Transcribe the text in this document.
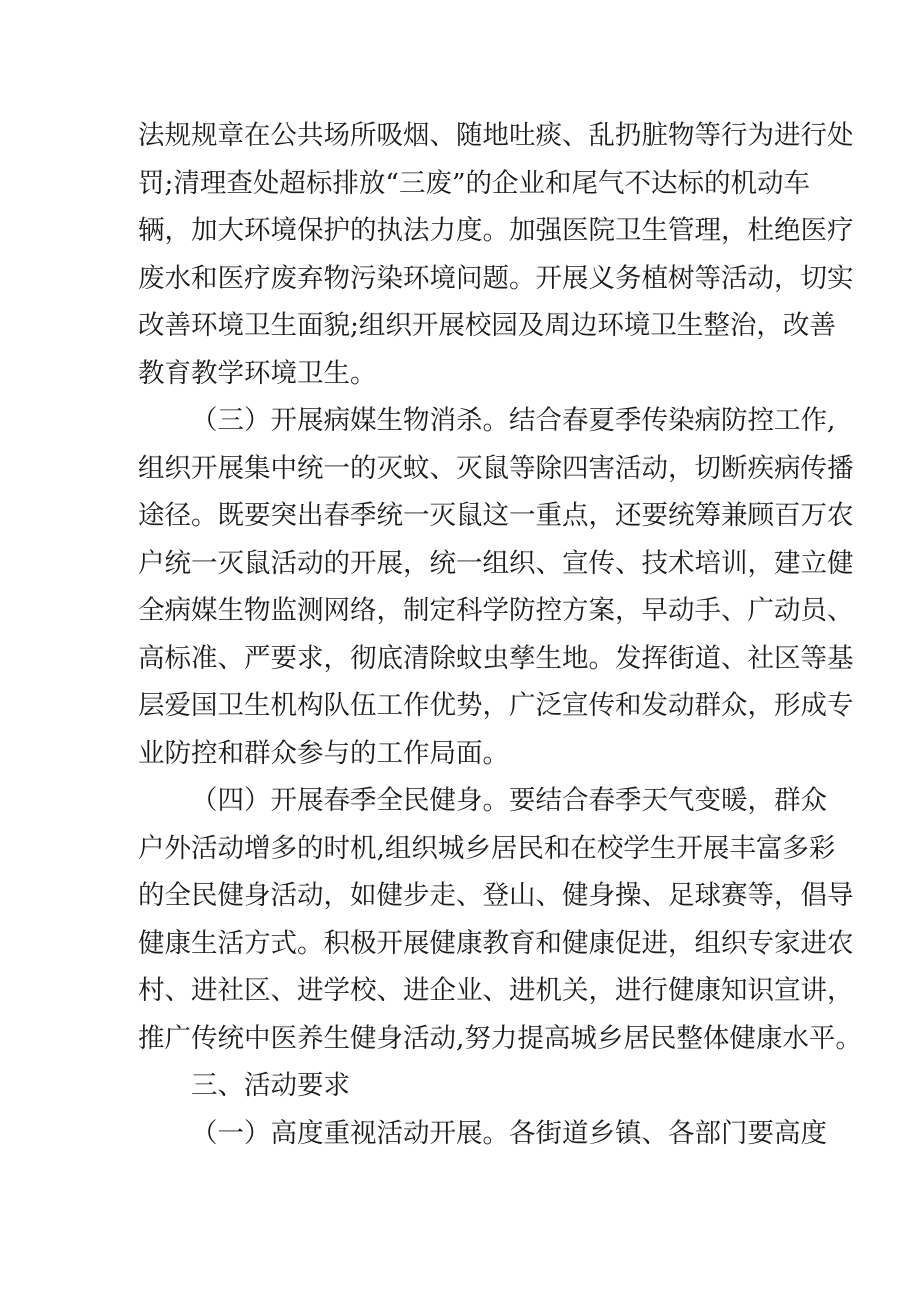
法规规章在公共场所吸烟、随地吐痰、乱扔脏物等行为进行处
罚;清理查处超标排放“三废”的企业和尾气不达标的机动车
辆，加大环境保护的执法力度。加强医院卫生管理，杜绝医疗
废水和医疗废弃物污染环境问题。开展义务植树等活动，切实
改善环境卫生面貌;组织开展校园及周边环境卫生整治，改善
教育教学环境卫生。
（三）开展病媒生物消杀。结合春夏季传染病防控工作,
组织开展集中统一的灭蚊、灭鼠等除四害活动，切断疾病传播
途径。既要突出春季统一灭鼠这一重点，还要统筹兼顾百万农
户统一灭鼠活动的开展，统一组织、宣传、技术培训，建立健
全病媒生物监测网络，制定科学防控方案，早动手、广动员、
高标准、严要求，彻底清除蚊虫孳生地。发挥街道、社区等基
层爱国卫生机构队伍工作优势，广泛宣传和发动群众，形成专
业防控和群众参与的工作局面。
（四）开展春季全民健身。要结合春季天气变暖，群众
户外活动增多的时机,组织城乡居民和在校学生开展丰富多彩
的全民健身活动，如健步走、登山、健身操、足球赛等，倡导
健康生活方式。积极开展健康教育和健康促进，组织专家进农
村、进社区、进学校、进企业、进机关，进行健康知识宣讲，
推广传统中医养生健身活动,努力提高城乡居民整体健康水平。
三、活动要求
（一）高度重视活动开展。各街道乡镇、各部门要高度
